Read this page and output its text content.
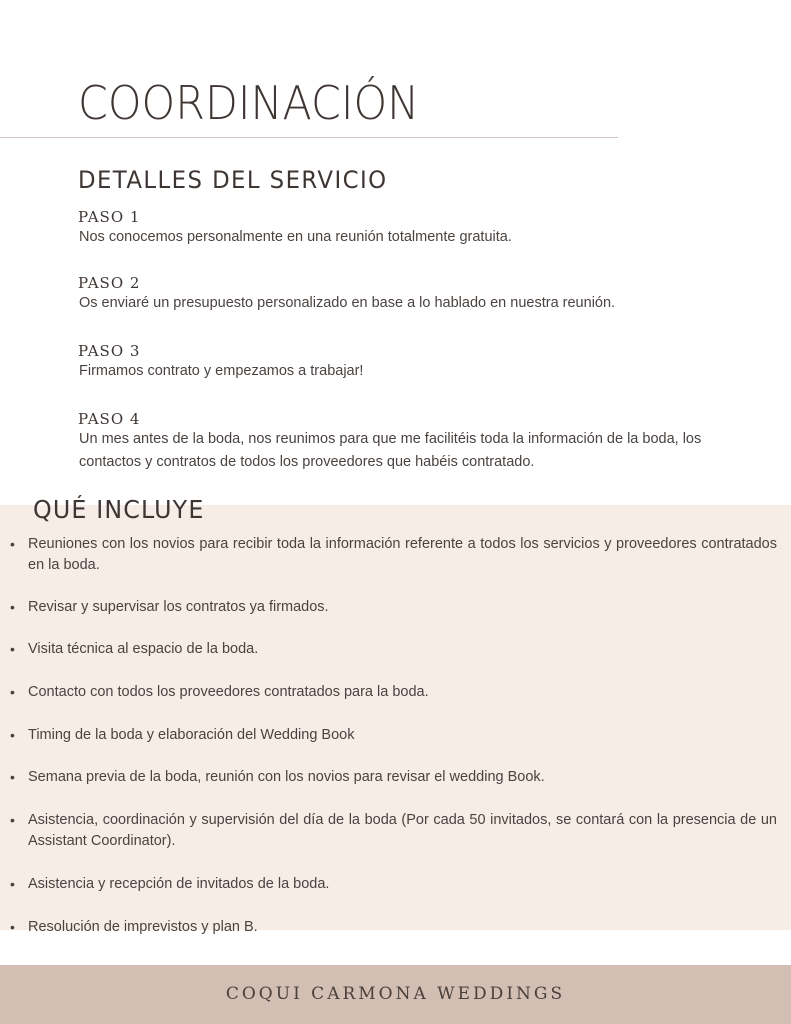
COORDINACIÓN
DETALLES DEL SERVICIO
PASO 1
Nos conocemos personalmente en una reunión totalmente gratuita.
PASO 2
Os enviaré un presupuesto personalizado en base a lo hablado en nuestra reunión.
PASO 3
Firmamos contrato y empezamos a trabajar!
PASO 4
Un mes antes de la boda, nos reunimos para que me facilitéis toda la información de la boda, los contactos y contratos de todos los proveedores que habéis contratado.
QUÉ INCLUYE
• Reuniones con los novios para recibir toda la información referente a todos los servicios y proveedores contratados en la boda.
• Revisar y supervisar los contratos ya firmados.
• Visita técnica al espacio de la boda.
• Contacto con todos los proveedores contratados para la boda.
• Timing de la boda y elaboración del Wedding Book
• Semana previa de la boda, reunión con los novios para revisar el wedding Book.
• Asistencia, coordinación y supervisión del día de la boda (Por cada 50 invitados, se contará con la presencia de un Assistant Coordinator).
• Asistencia y recepción de invitados de la boda.
• Resolución de imprevistos y plan B.
COQUI CARMONA WEDDINGS
